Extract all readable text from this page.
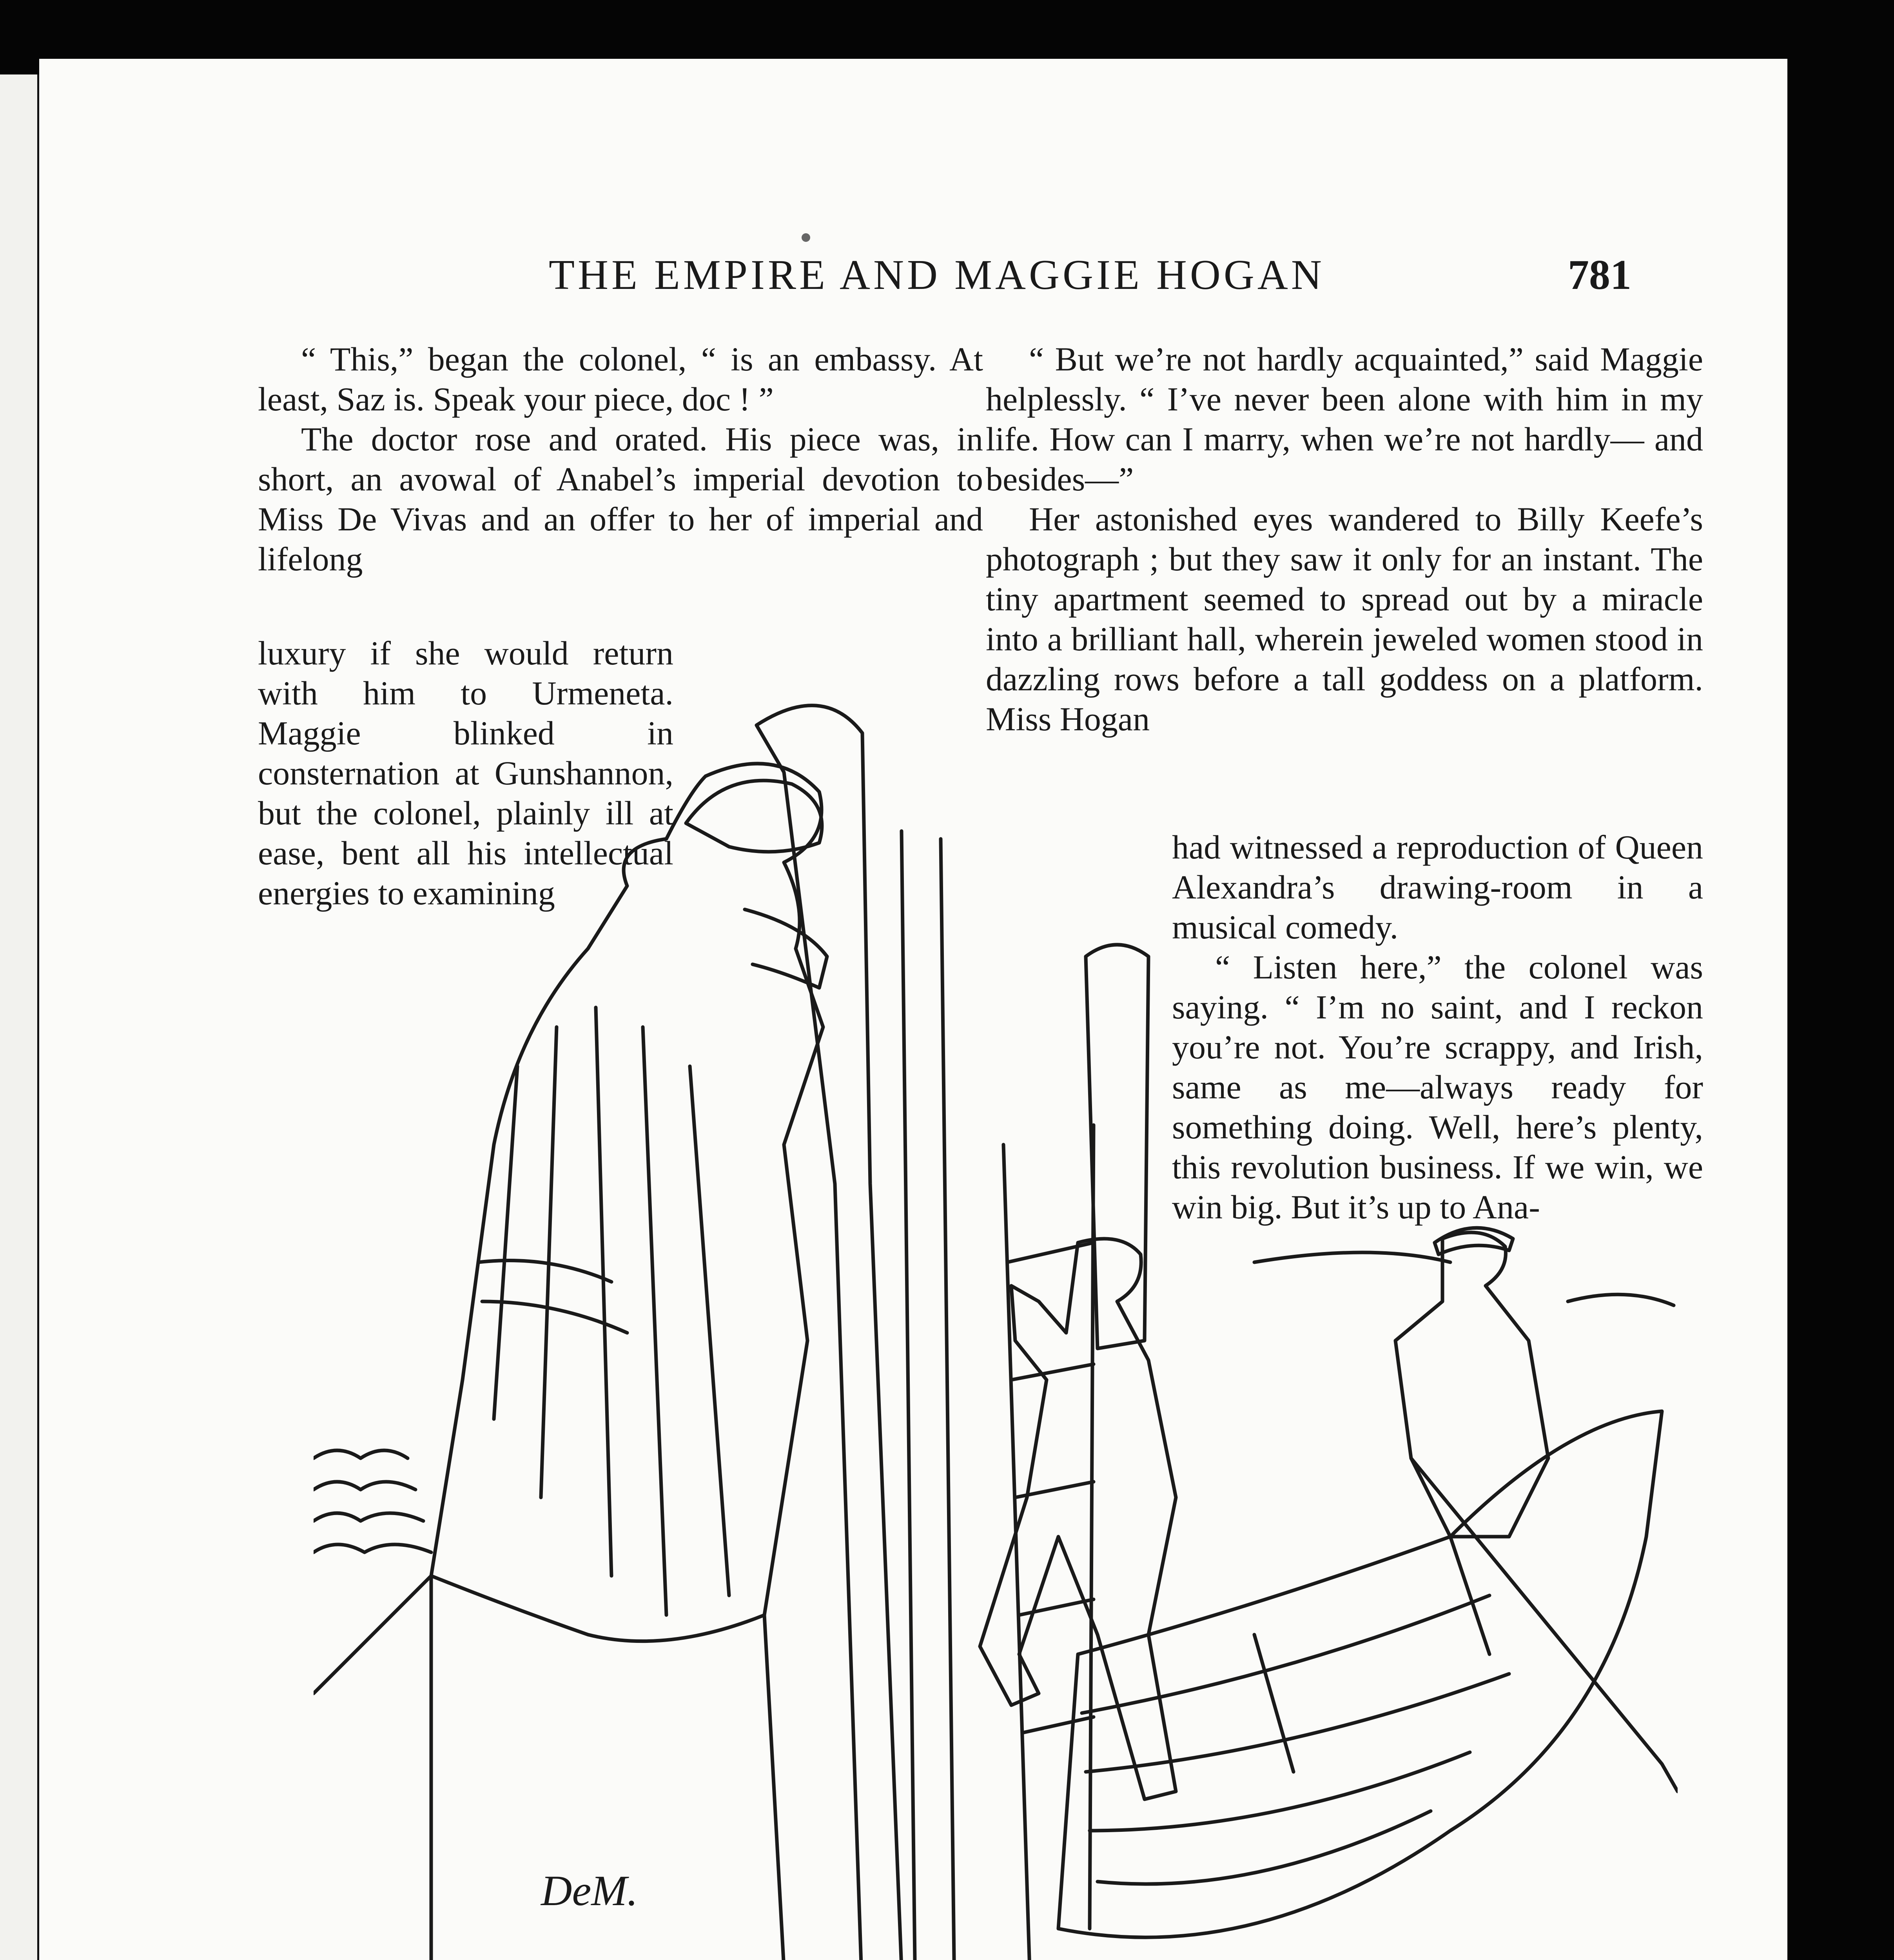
THE EMPIRE AND MAGGIE HOGAN	781

“ This,” began the colonel, “ is an embassy. At least, Saz is. Speak your piece, doc ! ”

The doctor rose and orated. His piece was, in short, an avowal of Anabel’s imperial devotion to Miss De Vivas and an offer to her of imperial and lifelong

luxury if she would return with him to Urmeneta. Maggie blinked in consternation at Gunshannon, but the colonel, plainly ill at ease, bent all his intellectual energies to examining

“ But we’re not hardly acquainted,” said Maggie helplessly. “ I’ve never been alone with him in my life. How can I marry, when we’re not hardly— and besides—”

Her astonished eyes wandered to Billy Keefe’s photograph ; but they saw it only for an instant. The tiny apartment seemed to spread out by a miracle into a brilliant hall, wherein jeweled women stood in dazzling rows before a tall goddess on a platform. Miss Hogan

had witnessed a reproduction of Queen Alexandra’s drawing-room in a musical comedy.

“ Listen here,” the colonel was saying. “ I’m no saint, and I reckon you’re not. You’re scrappy, and Irish, same as me—always ready for something doing. Well, here’s plenty, this revolution business. If we win, we win big. But it’s up to Ana-

DeM.
